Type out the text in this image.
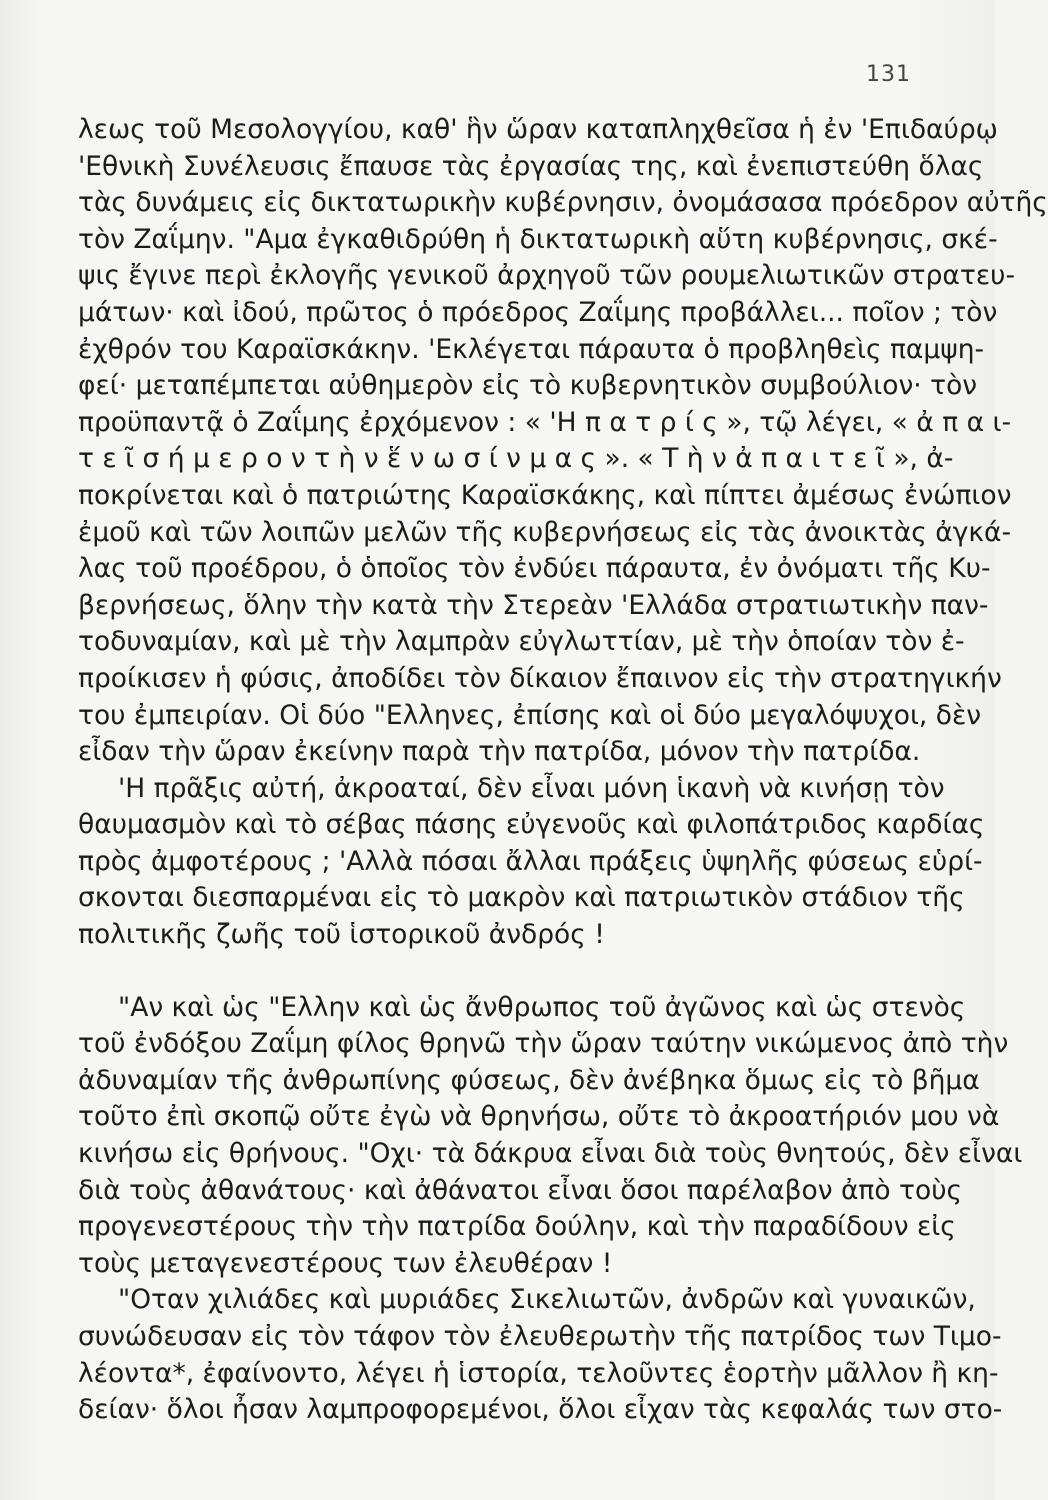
131
λεως τοῦ Μεσολογγίου, καθ' ἣν ὥραν καταπληχθεῖσα ἡ ἐν 'Επιδαύρῳ
'Εθνικὴ Συνέλευσις ἔπαυσε τὰς ἐργασίας της, καὶ ἐνεπιστεύθη ὅλας
τὰς δυνάμεις εἰς δικτατωρικὴν κυβέρνησιν, ὀνομάσασα πρόεδρον αὐτῆς
τὸν Ζαΐμην. "Αμα ἐγκαθιδρύθη ἡ δικτατωρικὴ αὕτη κυβέρνησις, σκέ-
ψις ἔγινε περὶ ἐκλογῆς γενικοῦ ἀρχηγοῦ τῶν ρουμελιωτικῶν στρατευ-
μάτων· καὶ ἰδού, πρῶτος ὁ πρόεδρος Ζαΐμης προβάλλει... ποῖον ; τὸν
ἐχθρόν του Καραϊσκάκην. 'Εκλέγεται πάραυτα ὁ προβληθεὶς παμψη-
φεί· μεταπέμπεται αὐθημερὸν εἰς τὸ κυβερνητικὸν συμβούλιον· τὸν
προϋπαντᾷ ὁ Ζαΐμης ἐρχόμενον : « 'Η π α τ ρ ί ς », τῷ λέγει, « ἀ π α ι-
τ ε ῖ σ ή μ ε ρ ο ν τ ὴ ν ἕ ν ω σ ί ν μ α ς ». « Τ ὴ ν ἀ π α ι τ ε ῖ », ἀ-
ποκρίνεται καὶ ὁ πατριώτης Καραϊσκάκης, καὶ πίπτει ἀμέσως ἐνώπιον
ἐμοῦ καὶ τῶν λοιπῶν μελῶν τῆς κυβερνήσεως εἰς τὰς ἀνοικτὰς ἀγκά-
λας τοῦ προέδρου, ὁ ὁποῖος τὸν ἐνδύει πάραυτα, ἐν ὀνόματι τῆς Κυ-
βερνήσεως, ὅλην τὴν κατὰ τὴν Στερεὰν 'Ελλάδα στρατιωτικὴν παν-
τοδυναμίαν, καὶ μὲ τὴν λαμπρὰν εὐγλωττίαν, μὲ τὴν ὁποίαν τὸν ἐ-
προίκισεν ἡ φύσις, ἀποδίδει τὸν δίκαιον ἔπαινον εἰς τὴν στρατηγικήν
του ἐμπειρίαν. Οἱ δύο "Ελληνες, ἐπίσης καὶ οἱ δύο μεγαλόψυχοι, δὲν
εἶδαν τὴν ὥραν ἐκείνην παρὰ τὴν πατρίδα, μόνον τὴν πατρίδα.
'Η πρᾶξις αὐτή, ἀκροαταί, δὲν εἶναι μόνη ἱκανὴ νὰ κινήσῃ τὸν
θαυμασμὸν καὶ τὸ σέβας πάσης εὐγενοῦς καὶ φιλοπάτριδος καρδίας
πρὸς ἀμφοτέρους ; 'Αλλὰ πόσαι ἄλλαι πράξεις ὑψηλῆς φύσεως εὑρί-
σκονται διεσπαρμέναι εἰς τὸ μακρὸν καὶ πατριωτικὸν στάδιον τῆς
πολιτικῆς ζωῆς τοῦ ἱστορικοῦ ἀνδρός !
"Αν καὶ ὡς "Ελλην καὶ ὡς ἄνθρωπος τοῦ ἀγῶνος καὶ ὡς στενὸς
τοῦ ἐνδόξου Ζαΐμη φίλος θρηνῶ τὴν ὥραν ταύτην νικώμενος ἀπὸ τὴν
ἀδυναμίαν τῆς ἀνθρωπίνης φύσεως, δὲν ἀνέβηκα ὅμως εἰς τὸ βῆμα
τοῦτο ἐπὶ σκοπῷ οὔτε ἐγὼ νὰ θρηνήσω, οὔτε τὸ ἀκροατήριόν μου νὰ
κινήσω εἰς θρήνους. "Οχι· τὰ δάκρυα εἶναι διὰ τοὺς θνητούς, δὲν εἶναι
διὰ τοὺς ἀθανάτους· καὶ ἀθάνατοι εἶναι ὅσοι παρέλαβον ἀπὸ τοὺς
προγενεστέρους τὴν τὴν πατρίδα δούλην, καὶ τὴν παραδίδουν εἰς
τοὺς μεταγενεστέρους των ἐλευθέραν !
"Οταν χιλιάδες καὶ μυριάδες Σικελιωτῶν, ἀνδρῶν καὶ γυναικῶν,
συνώδευσαν εἰς τὸν τάφον τὸν ἐλευθερωτὴν τῆς πατρίδος των Τιμο-
λέοντα*, ἐφαίνοντο, λέγει ἡ ἱστορία, τελοῦντες ἑορτὴν μᾶλλον ἢ κη-
δείαν· ὅλοι ἦσαν λαμπροφορεμένοι, ὅλοι εἶχαν τὰς κεφαλάς των στο-
